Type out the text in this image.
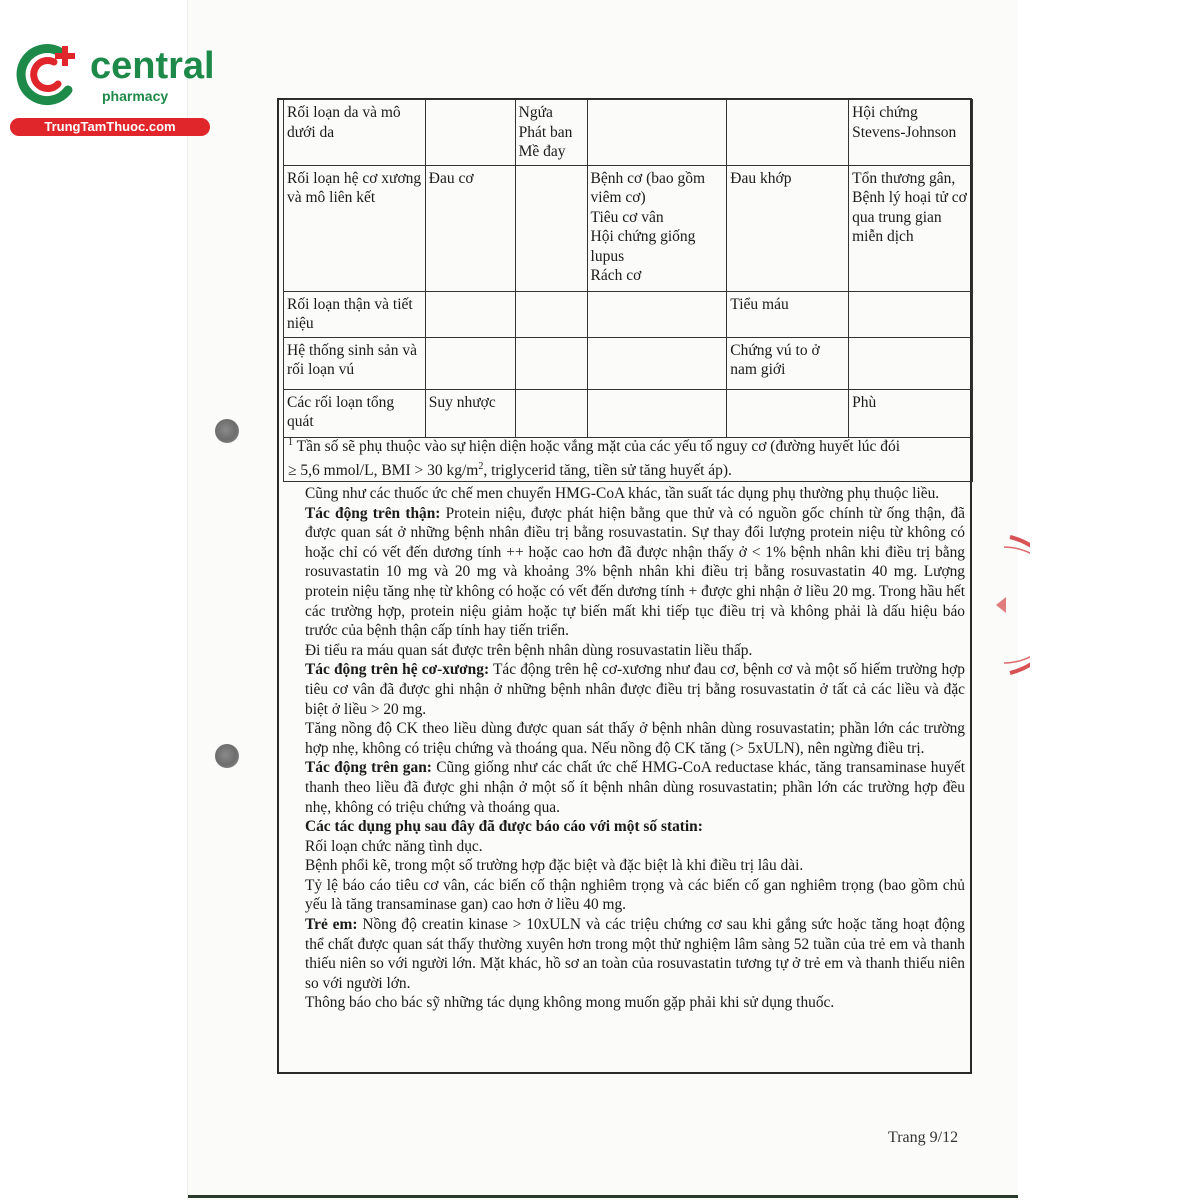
central
pharmacy
TrungTamThuoc.com
Rối loạn da và mô dưới da		Ngứa
Phát ban
Mề đay			Hội chứng Stevens-Johnson
Rối loạn hệ cơ xương và mô liên kết	Đau cơ		Bệnh cơ (bao gồm viêm cơ)
Tiêu cơ vân
Hội chứng giống lupus
Rách cơ	Đau khớp	Tổn thương gân, Bệnh lý hoại tử cơ qua trung gian miễn dịch
Rối loạn thận và tiết niệu				Tiểu máu	
Hệ thống sinh sản và rối loạn vú				Chứng vú to ở nam giới	
Các rối loạn tổng quát	Suy nhược				Phù
$^1$ Tần số sẽ phụ thuộc vào sự hiện diện hoặc vắng mặt của các yếu tố nguy cơ (đường huyết lúc đói
≥ 5,6 mmol/L, BMI > 30 $kg/m^2$, triglycerid tăng, tiền sử tăng huyết áp).

Cũng như các thuốc ức chế men chuyển HMG-CoA khác, tần suất tác dụng phụ thường phụ thuộc liều.

Tác động trên thận: Protein niệu, được phát hiện bằng que thử và có nguồn gốc chính từ ống thận, đã được quan sát ở những bệnh nhân điều trị bằng rosuvastatin. Sự thay đổi lượng protein niệu từ không có hoặc chỉ có vết đến dương tính ++ hoặc cao hơn đã được nhận thấy ở < 1% bệnh nhân khi điều trị bằng rosuvastatin 10 mg và 20 mg và khoảng 3% bệnh nhân khi điều trị bằng rosuvastatin 40 mg. Lượng protein niệu tăng nhẹ từ không có hoặc có vết đến dương tính + được ghi nhận ở liều 20 mg. Trong hầu hết các trường hợp, protein niệu giảm hoặc tự biến mất khi tiếp tục điều trị và không phải là dấu hiệu báo trước của bệnh thận cấp tính hay tiến triển.

Đi tiểu ra máu quan sát được trên bệnh nhân dùng rosuvastatin liều thấp.

Tác động trên hệ cơ-xương: Tác động trên hệ cơ-xương như đau cơ, bệnh cơ và một số hiếm trường hợp tiêu cơ vân đã được ghi nhận ở những bệnh nhân được điều trị bằng rosuvastatin ở tất cả các liều và đặc biệt ở liều > 20 mg.

Tăng nồng độ CK theo liều dùng được quan sát thấy ở bệnh nhân dùng rosuvastatin; phần lớn các trường hợp nhẹ, không có triệu chứng và thoáng qua. Nếu nồng độ CK tăng (> 5xULN), nên ngừng điều trị.

Tác động trên gan: Cũng giống như các chất ức chế HMG-CoA reductase khác, tăng transaminase huyết thanh theo liều đã được ghi nhận ở một số ít bệnh nhân dùng rosuvastatin; phần lớn các trường hợp đều nhẹ, không có triệu chứng và thoáng qua.

Các tác dụng phụ sau đây đã được báo cáo với một số statin:

Rối loạn chức năng tình dục.

Bệnh phổi kẽ, trong một số trường hợp đặc biệt và đặc biệt là khi điều trị lâu dài.

Tỷ lệ báo cáo tiêu cơ vân, các biến cố thận nghiêm trọng và các biến cố gan nghiêm trọng (bao gồm chủ yếu là tăng transaminase gan) cao hơn ở liều 40 mg.

Trẻ em: Nồng độ creatin kinase > 10xULN và các triệu chứng cơ sau khi gắng sức hoặc tăng hoạt động thể chất được quan sát thấy thường xuyên hơn trong một thử nghiệm lâm sàng 52 tuần của trẻ em và thanh thiếu niên so với người lớn. Mặt khác, hồ sơ an toàn của rosuvastatin tương tự ở trẻ em và thanh thiếu niên so với người lớn.

Thông báo cho bác sỹ những tác dụng không mong muốn gặp phải khi sử dụng thuốc.

Trang 9/12
